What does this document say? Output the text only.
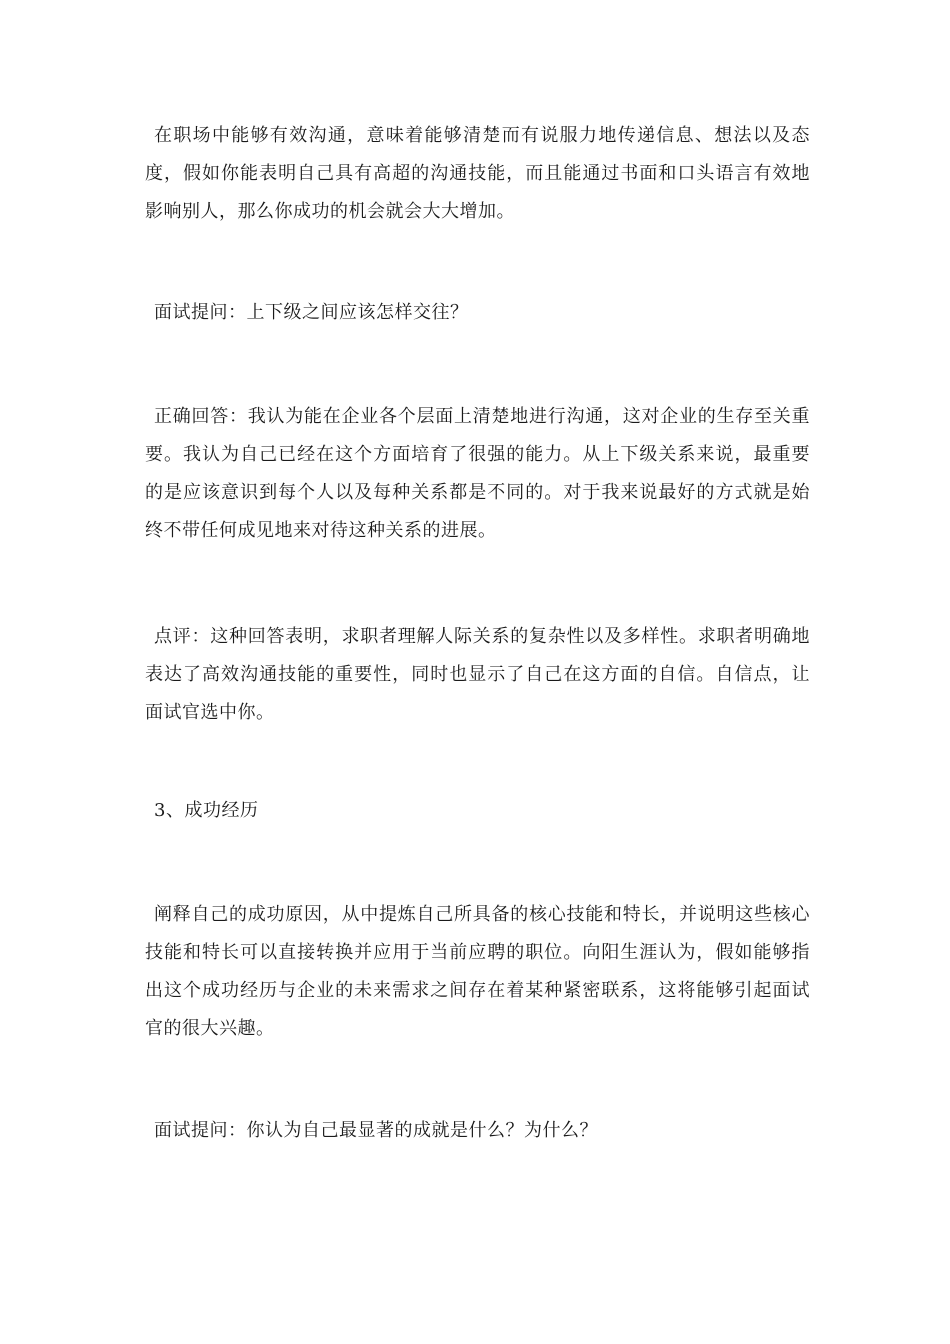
在职场中能够有效沟通，意味着能够清楚而有说服力地传递信息、想法以及态度，假如你能表明自己具有高超的沟通技能，而且能通过书面和口头语言有效地影响别人，那么你成功的机会就会大大增加。

面试提问：上下级之间应该怎样交往？

正确回答：我认为能在企业各个层面上清楚地进行沟通，这对企业的生存至关重要。我认为自己已经在这个方面培育了很强的能力。从上下级关系来说，最重要的是应该意识到每个人以及每种关系都是不同的。对于我来说最好的方式就是始终不带任何成见地来对待这种关系的进展。

点评：这种回答表明，求职者理解人际关系的复杂性以及多样性。求职者明确地表达了高效沟通技能的重要性，同时也显示了自己在这方面的自信。自信点，让面试官选中你。

3、成功经历

阐释自己的成功原因，从中提炼自己所具备的核心技能和特长，并说明这些核心技能和特长可以直接转换并应用于当前应聘的职位。向阳生涯认为，假如能够指出这个成功经历与企业的未来需求之间存在着某种紧密联系，这将能够引起面试官的很大兴趣。

面试提问：你认为自己最显著的成就是什么？为什么？
